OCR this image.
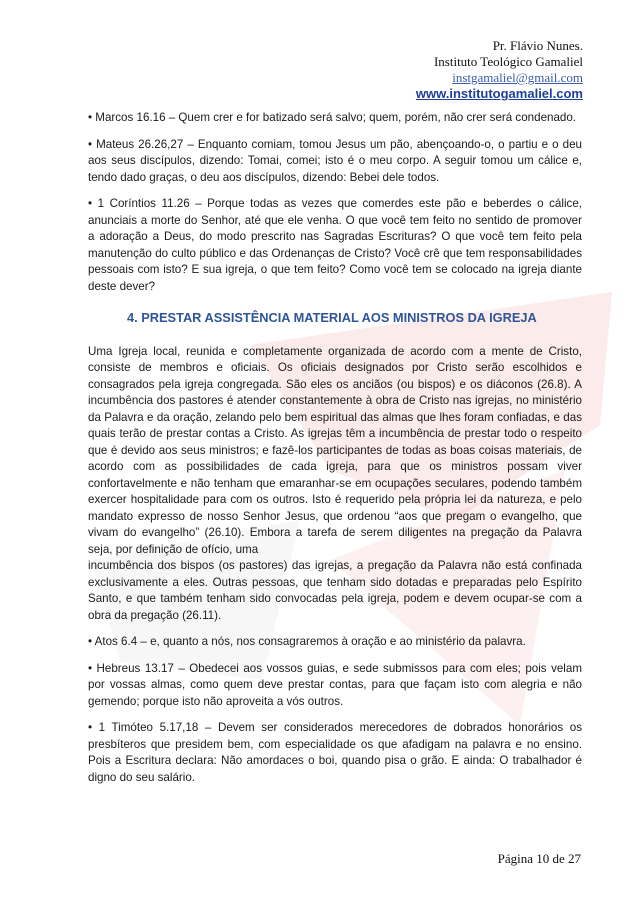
Pr. Flávio Nunes.
Instituto Teológico Gamaliel
instgamaliel@gmail.com
www.institutogamaliel.com

• Marcos 16.16 – Quem crer e for batizado será salvo; quem, porém, não crer será condenado.

• Mateus 26.26,27 – Enquanto comiam, tomou Jesus um pão, abençoando-o, o partiu e o deu aos seus discípulos, dizendo: Tomai, comei; isto é o meu corpo. A seguir tomou um cálice e, tendo dado graças, o deu aos discípulos, dizendo: Bebei dele todos.

• 1 Coríntios 11.26 – Porque todas as vezes que comerdes este pão e beberdes o cálice, anunciais a morte do Senhor, até que ele venha. O que você tem feito no sentido de promover a adoração a Deus, do modo prescrito nas Sagradas Escrituras? O que você tem feito pela manutenção do culto público e das Ordenanças de Cristo? Você crê que tem responsabilidades pessoais com isto? E sua igreja, o que tem feito? Como você tem se colocado na igreja diante deste dever?

4. PRESTAR ASSISTÊNCIA MATERIAL AOS MINISTROS DA IGREJA

Uma Igreja local, reunida e completamente organizada de acordo com a mente de Cristo, consiste de membros e oficiais. Os oficiais designados por Cristo serão escolhidos e consagrados pela igreja congregada. São eles os anciãos (ou bispos) e os diáconos (26.8). A incumbência dos pastores é atender constantemente à obra de Cristo nas igrejas, no ministério da Palavra e da oração, zelando pelo bem espiritual das almas que lhes foram confiadas, e das quais terão de prestar contas a Cristo. As igrejas têm a incumbência de prestar todo o respeito que é devido aos seus ministros; e fazê-los participantes de todas as boas coisas materiais, de acordo com as possibilidades de cada igreja, para que os ministros possam viver confortavelmente e não tenham que emaranhar-se em ocupações seculares, podendo também exercer hospitalidade para com os outros. Isto é requerido pela própria lei da natureza, e pelo mandato expresso de nosso Senhor Jesus, que ordenou “aos que pregam o evangelho, que vivam do evangelho” (26.10). Embora a tarefa de serem diligentes na pregação da Palavra seja, por definição de ofício, uma

incumbência dos bispos (os pastores) das igrejas, a pregação da Palavra não está confinada exclusivamente a eles. Outras pessoas, que tenham sido dotadas e preparadas pelo Espírito Santo, e que também tenham sido convocadas pela igreja, podem e devem ocupar-se com a obra da pregação (26.11).

• Atos 6.4 – e, quanto a nós, nos consagraremos à oração e ao ministério da palavra.

• Hebreus 13.17 – Obedecei aos vossos guias, e sede submissos para com eles; pois velam por vossas almas, como quem deve prestar contas, para que façam isto com alegria e não gemendo; porque isto não aproveita a vós outros.

• 1 Timóteo 5.17,18 – Devem ser considerados merecedores de dobrados honorários os presbíteros que presidem bem, com especialidade os que afadigam na palavra e no ensino. Pois a Escritura declara: Não amordaces o boi, quando pisa o grão. E ainda: O trabalhador é digno do seu salário.

Página 10 de 27
